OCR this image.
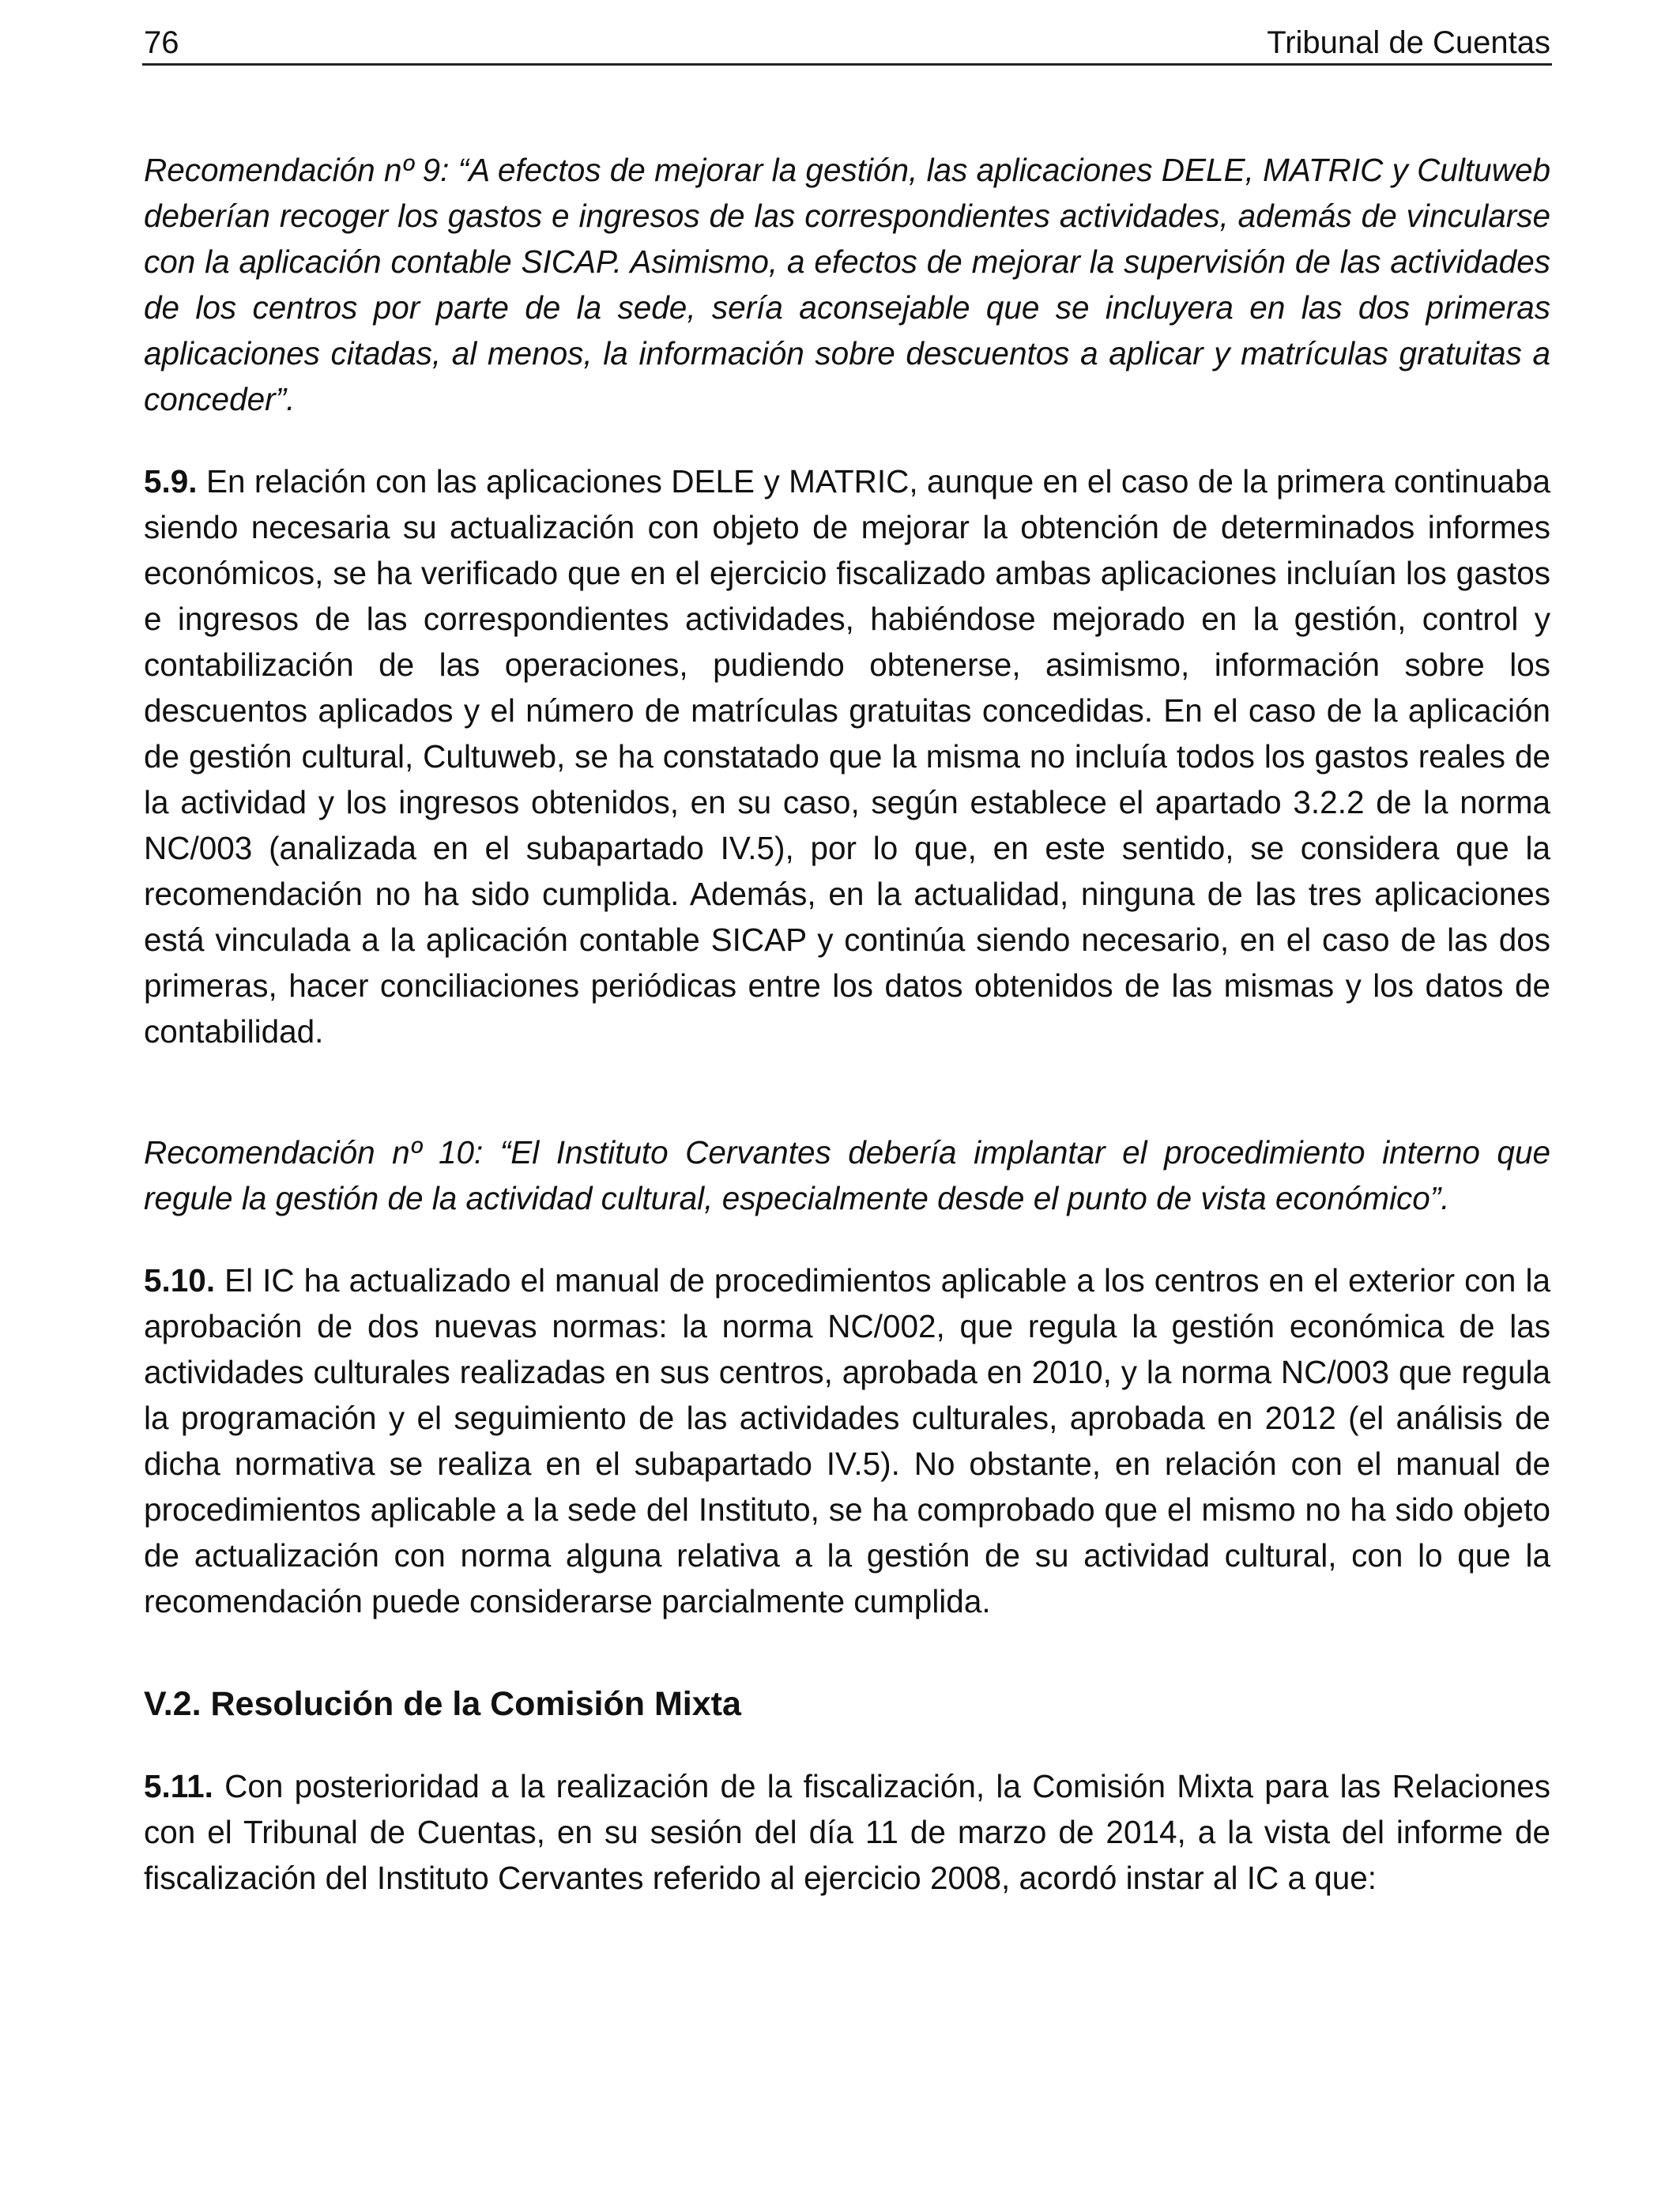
76	Tribunal de Cuentas

Recomendación nº 9: “A efectos de mejorar la gestión, las aplicaciones DELE, MATRIC y Cultuweb deberían recoger los gastos e ingresos de las correspondientes actividades, además de vincularse con la aplicación contable SICAP. Asimismo, a efectos de mejorar la supervisión de las actividades de los centros por parte de la sede, sería aconsejable que se incluyera en las dos primeras aplicaciones citadas, al menos, la información sobre descuentos a aplicar y matrículas gratuitas a conceder”.

5.9. En relación con las aplicaciones DELE y MATRIC, aunque en el caso de la primera continuaba siendo necesaria su actualización con objeto de mejorar la obtención de determinados informes económicos, se ha verificado que en el ejercicio fiscalizado ambas aplicaciones incluían los gastos e ingresos de las correspondientes actividades, habiéndose mejorado en la gestión, control y contabilización de las operaciones, pudiendo obtenerse, asimismo, información sobre los descuentos aplicados y el número de matrículas gratuitas concedidas. En el caso de la aplicación de gestión cultural, Cultuweb, se ha constatado que la misma no incluía todos los gastos reales de la actividad y los ingresos obtenidos, en su caso, según establece el apartado 3.2.2 de la norma NC/003 (analizada en el subapartado IV.5), por lo que, en este sentido, se considera que la recomendación no ha sido cumplida. Además, en la actualidad, ninguna de las tres aplicaciones está vinculada a la aplicación contable SICAP y continúa siendo necesario, en el caso de las dos primeras, hacer conciliaciones periódicas entre los datos obtenidos de las mismas y los datos de contabilidad.

Recomendación nº 10: “El Instituto Cervantes debería implantar el procedimiento interno que regule la gestión de la actividad cultural, especialmente desde el punto de vista económico”.

5.10. El IC ha actualizado el manual de procedimientos aplicable a los centros en el exterior con la aprobación de dos nuevas normas: la norma NC/002, que regula la gestión económica de las actividades culturales realizadas en sus centros, aprobada en 2010, y la norma NC/003 que regula la programación y el seguimiento de las actividades culturales, aprobada en 2012 (el análisis de dicha normativa se realiza en el subapartado IV.5). No obstante, en relación con el manual de procedimientos aplicable a la sede del Instituto, se ha comprobado que el mismo no ha sido objeto de actualización con norma alguna relativa a la gestión de su actividad cultural, con lo que la recomendación puede considerarse parcialmente cumplida.

V.2. Resolución de la Comisión Mixta

5.11. Con posterioridad a la realización de la fiscalización, la Comisión Mixta para las Relaciones con el Tribunal de Cuentas, en su sesión del día 11 de marzo de 2014, a la vista del informe de fiscalización del Instituto Cervantes referido al ejercicio 2008, acordó instar al IC a que:
